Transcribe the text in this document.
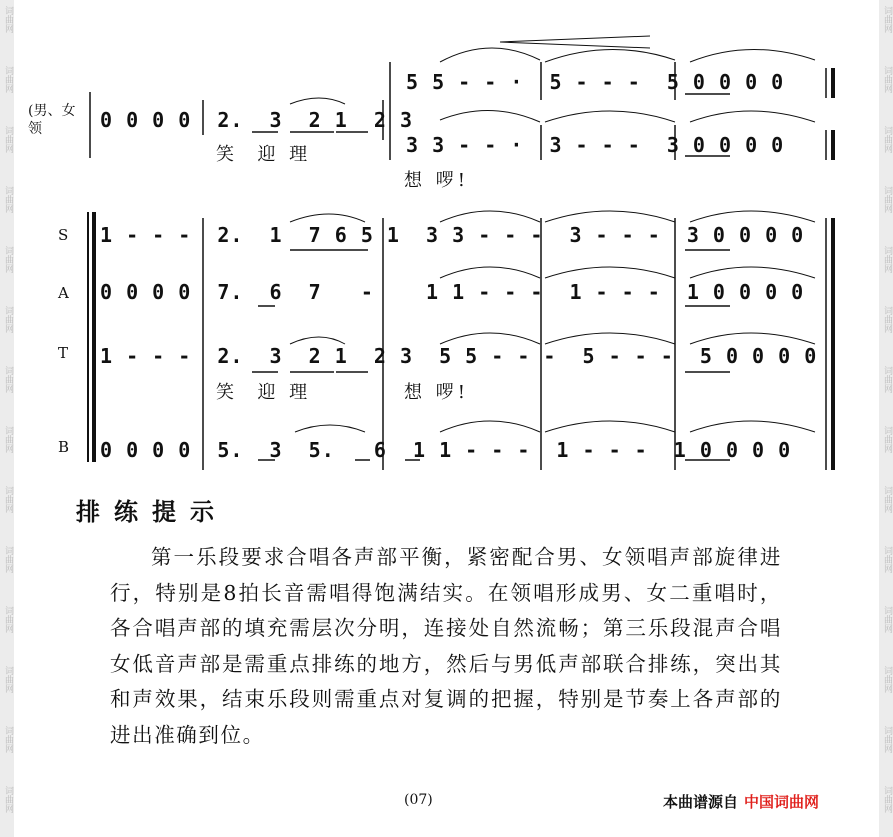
词曲网
词曲网
词曲网
词曲网
词曲网
词曲网
词曲网
词曲网
词曲网
词曲网
词曲网
词曲网
词曲网
词曲网
词曲网
词曲网
词曲网
词曲网
词曲网
词曲网
词曲网
词曲网
词曲网
词曲网
词曲网
词曲网
词曲网
词曲网
(男、女
领	0 0 0 0  2.  3  2 1  2 3
5 5 - - ·  5 - - -  5 0 0 0 0
3 3 - - ·  3 - - -  3 0 0 0 0
笑  迎 理
想 啰!
S 1 - - -  2.  1  7 6 5 1  3 3 - - -  3 - - -  3 0 0 0 0
A 0 0 0 0  7.  6  7   -    1 1 - - -  1 - - -  1 0 0 0 0
T 1 - - -  2.  3  2 1  2 3  5 5 - - -  5 - - -  5 0 0 0 0
笑  迎 理	想 啰!
B 0 0 0 0  5.  3  5.   6  1 1 - - -  1 - - -  1 0 0 0 0
排练提示
第一乐段要求合唱各声部平衡，紧密配合男、女领唱声部旋律进行，特别是8拍长音需唱得饱满结实。在领唱形成男、女二重唱时，各合唱声部的填充需层次分明，连接处自然流畅；第三乐段混声合唱女低音声部是需重点排练的地方，然后与男低声部联合排练，突出其和声效果，结束乐段则需重点对复调的把握，特别是节奏上各声部的进出准确到位。
(07)	本曲谱源自 中国词曲网
